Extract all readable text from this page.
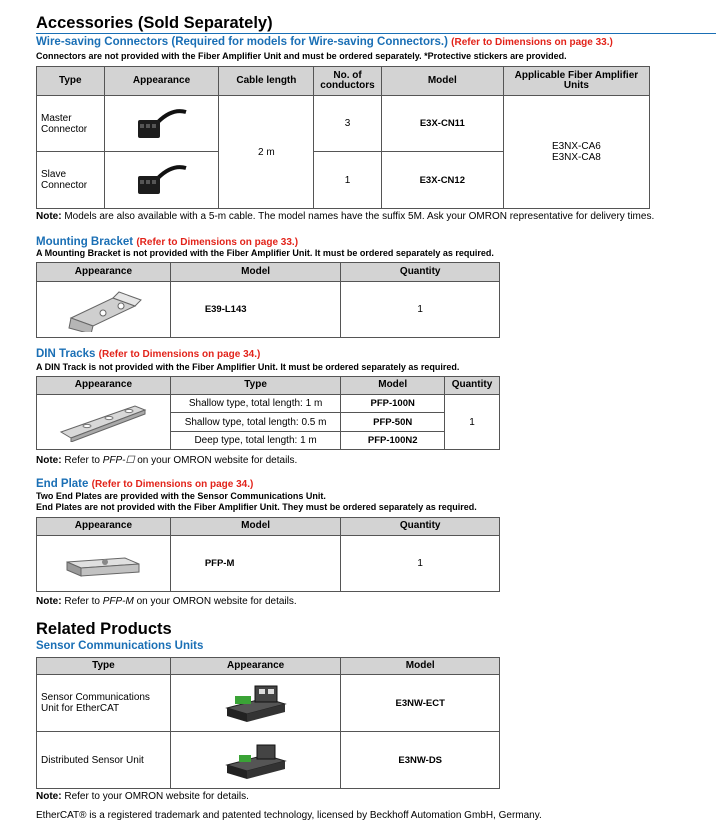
Accessories (Sold Separately)
Wire-saving Connectors (Required for models for Wire-saving Connectors.) (Refer to Dimensions on page 33.)
Connectors are not provided with the Fiber Amplifier Unit and must be ordered separately. *Protective stickers are provided.
Type	Appearance	Cable length	No. of conductors	Model	Applicable Fiber Amplifier Units
Master Connector		2 m	3	E3X-CN11	E3NX-CA6
E3NX-CA8

Slave Connector			1	E3X-CN12	
Note: Models are also available with a 5-m cable. The model names have the suffix 5M. Ask your OMRON representative for delivery times.
Mounting Bracket (Refer to Dimensions on page 33.)
A Mounting Bracket is not provided with the Fiber Amplifier Unit. It must be ordered separately as required.
Appearance	Model	Quantity

	E39-L143	1
DIN Tracks (Refer to Dimensions on page 34.)
A DIN Track is not provided with the Fiber Amplifier Unit. It must be ordered separately as required.
Appearance	Type	Model	Quantity

	Shallow type, total length: 1 m	PFP-100N	1
	Shallow type, total length: 0.5 m	PFP-50N	
	Deep type, total length: 1 m	PFP-100N2	
Note: Refer to PFP-☐ on your OMRON website for details.
End Plate (Refer to Dimensions on page 34.)
Two End Plates are provided with the Sensor Communications Unit.
End Plates are not provided with the Fiber Amplifier Unit. They must be ordered separately as required.
Appearance	Model	Quantity

	PFP-M	1
Note: Refer to PFP-M on your OMRON website for details.
Related Products
Sensor Communications Units
Type	Appearance	Model
Sensor Communications Unit for EtherCAT		E3NW-ECT
Distributed Sensor Unit		E3NW-DS
Note: Refer to your OMRON website for details.
EtherCAT® is a registered trademark and patented technology, licensed by Beckhoff Automation GmbH, Germany.
